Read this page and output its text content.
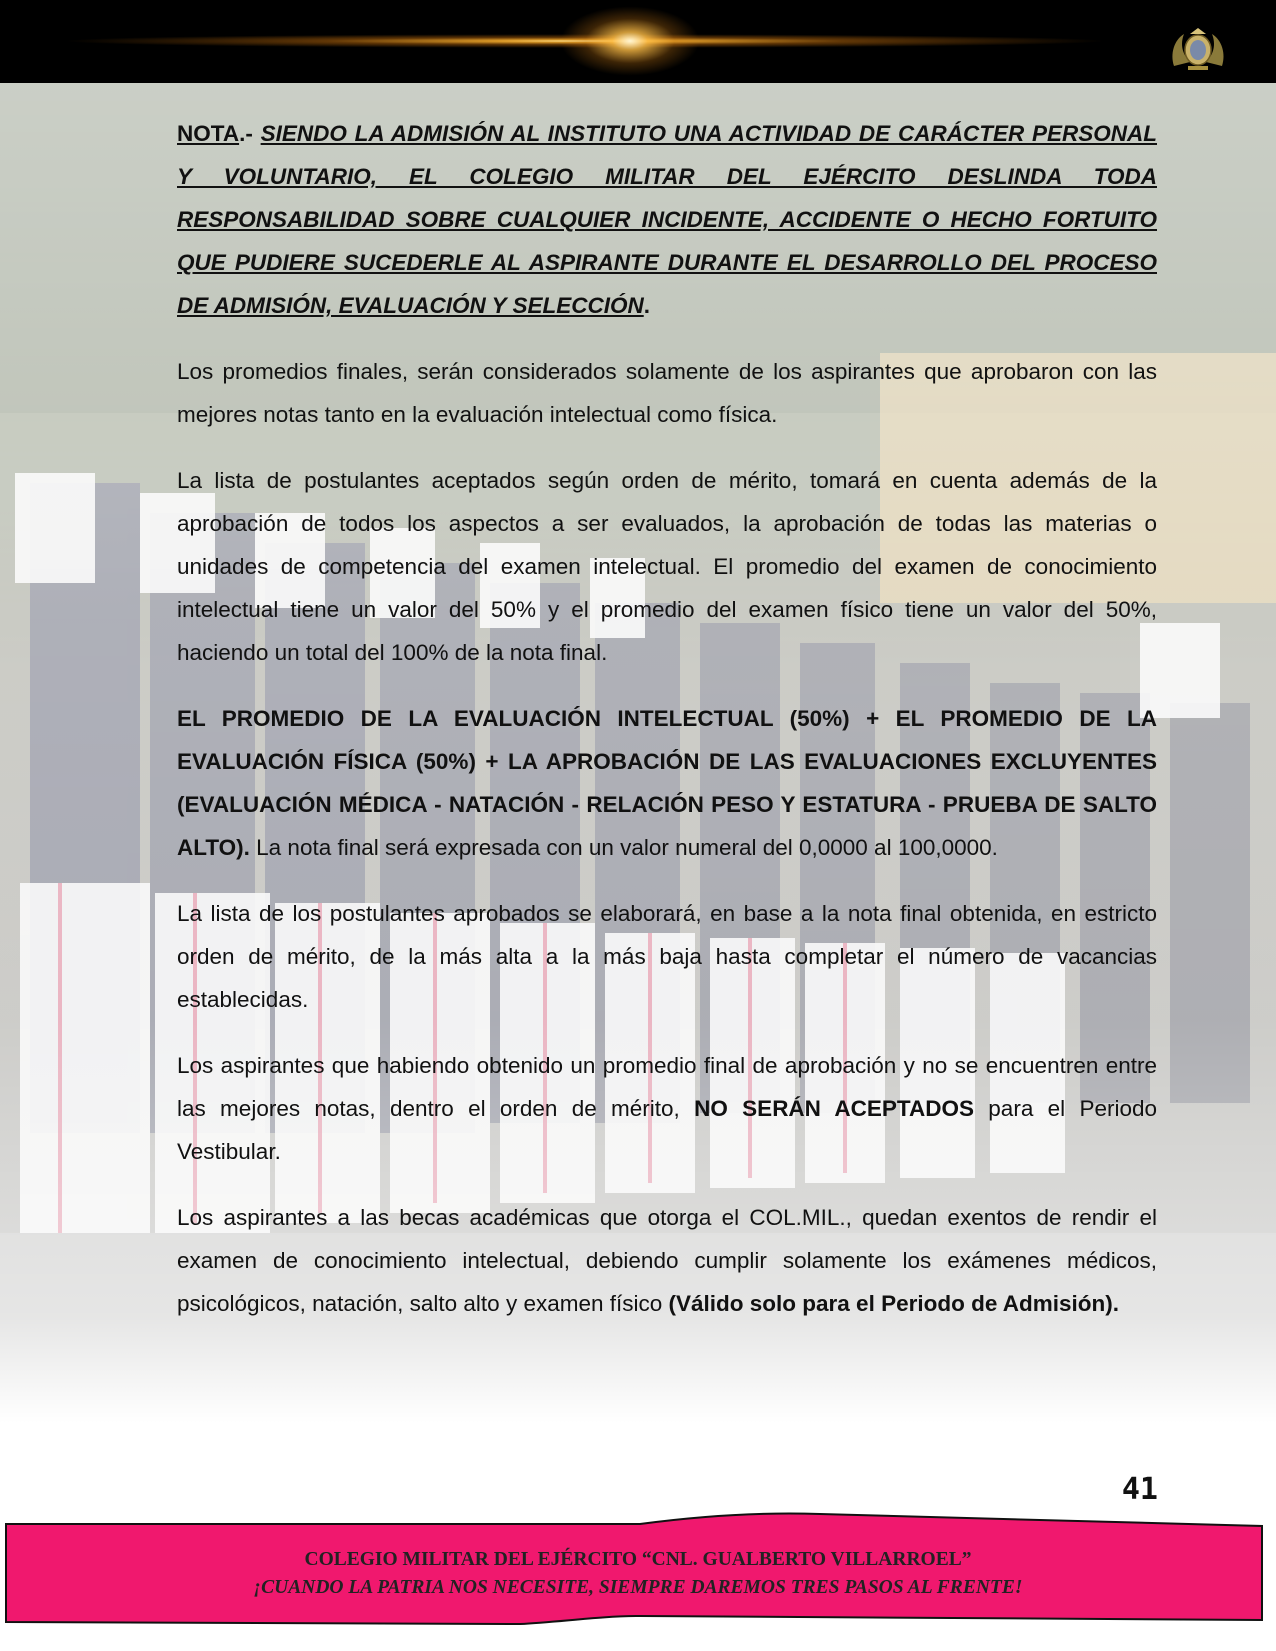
NOTA.- SIENDO LA ADMISIÓN AL INSTITUTO UNA ACTIVIDAD DE CARÁCTER PERSONAL Y VOLUNTARIO, EL COLEGIO MILITAR DEL EJÉRCITO DESLINDA TODA RESPONSABILIDAD SOBRE CUALQUIER INCIDENTE, ACCIDENTE O HECHO FORTUITO QUE PUDIERE SUCEDERLE AL ASPIRANTE DURANTE EL DESARROLLO DEL PROCESO DE ADMISIÓN, EVALUACIÓN Y SELECCIÓN.

Los promedios finales, serán considerados solamente de los aspirantes que aprobaron con las mejores notas tanto en la evaluación intelectual como física.

La lista de postulantes aceptados según orden de mérito, tomará en cuenta además de la aprobación de todos los aspectos a ser evaluados, la aprobación de todas las materias o unidades de competencia del examen intelectual. El promedio del examen de conocimiento intelectual tiene un valor del 50% y el promedio del examen físico tiene un valor del 50%, haciendo un total del 100% de la nota final.

EL PROMEDIO DE LA EVALUACIÓN INTELECTUAL (50%) + EL PROMEDIO DE LA EVALUACIÓN FÍSICA (50%) + LA APROBACIÓN DE LAS EVALUACIONES EXCLUYENTES (EVALUACIÓN MÉDICA - NATACIÓN - RELACIÓN PESO Y ESTATURA - PRUEBA DE SALTO ALTO). La nota final será expresada con un valor numeral del 0,0000 al 100,0000.

La lista de los postulantes aprobados se elaborará, en base a la nota final obtenida, en estricto orden de mérito, de la más alta a la más baja hasta completar el número de vacancias establecidas.

Los aspirantes que habiendo obtenido un promedio final de aprobación y no se encuentren entre las mejores notas, dentro el orden de mérito, NO SERÁN ACEPTADOS para el Periodo Vestibular.

Los aspirantes a las becas académicas que otorga el COL.MIL., quedan exentos de rendir el examen de conocimiento intelectual, debiendo cumplir solamente los exámenes médicos, psicológicos, natación, salto alto y examen físico (Válido solo para el Periodo de Admisión).

41
COLEGIO MILITAR DEL EJÉRCITO “CNL. GUALBERTO VILLARROEL”
¡CUANDO LA PATRIA NOS NECESITE, SIEMPRE DAREMOS TRES PASOS AL FRENTE!
